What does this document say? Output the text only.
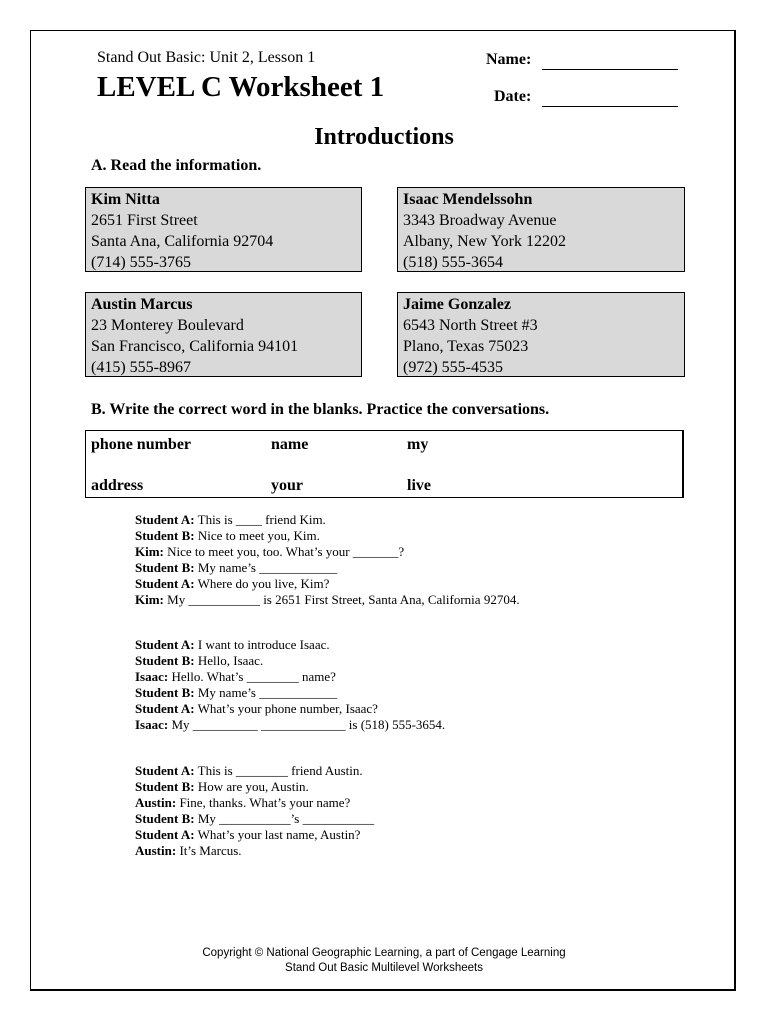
Stand Out Basic: Unit 2, Lesson 1
LEVEL C Worksheet 1
Name:
Date:
Introductions
A. Read the information.
Kim Nitta
2651 First Street
Santa Ana, California 92704
(714) 555-3765
Isaac Mendelssohn
3343 Broadway Avenue
Albany, New York 12202
(518) 555-3654
Austin Marcus
23 Monterey Boulevard
San Francisco, California 94101
(415) 555-8967
Jaime Gonzalez
6543 North Street #3
Plano, Texas 75023
(972) 555-4535
B. Write the correct word in the blanks. Practice the conversations.
phone number	name	my
address	your	live
Student A: This is ____ friend Kim.
Student B: Nice to meet you, Kim.
Kim: Nice to meet you, too. What’s your _______?
Student B: My name’s ____________
Student A: Where do you live, Kim?
Kim: My ___________ is 2651 First Street, Santa Ana, California 92704.
Student A: I want to introduce Isaac.
Student B: Hello, Isaac.
Isaac: Hello. What’s ________ name?
Student B: My name’s ____________
Student A: What’s your phone number, Isaac?
Isaac: My __________ _____________ is (518) 555-3654.
Student A: This is ________ friend Austin.
Student B: How are you, Austin.
Austin: Fine, thanks. What’s your name?
Student B: My ___________’s ___________
Student A: What’s your last name, Austin?
Austin: It’s Marcus.
Copyright © National Geographic Learning, a part of Cengage Learning
Stand Out Basic Multilevel Worksheets
